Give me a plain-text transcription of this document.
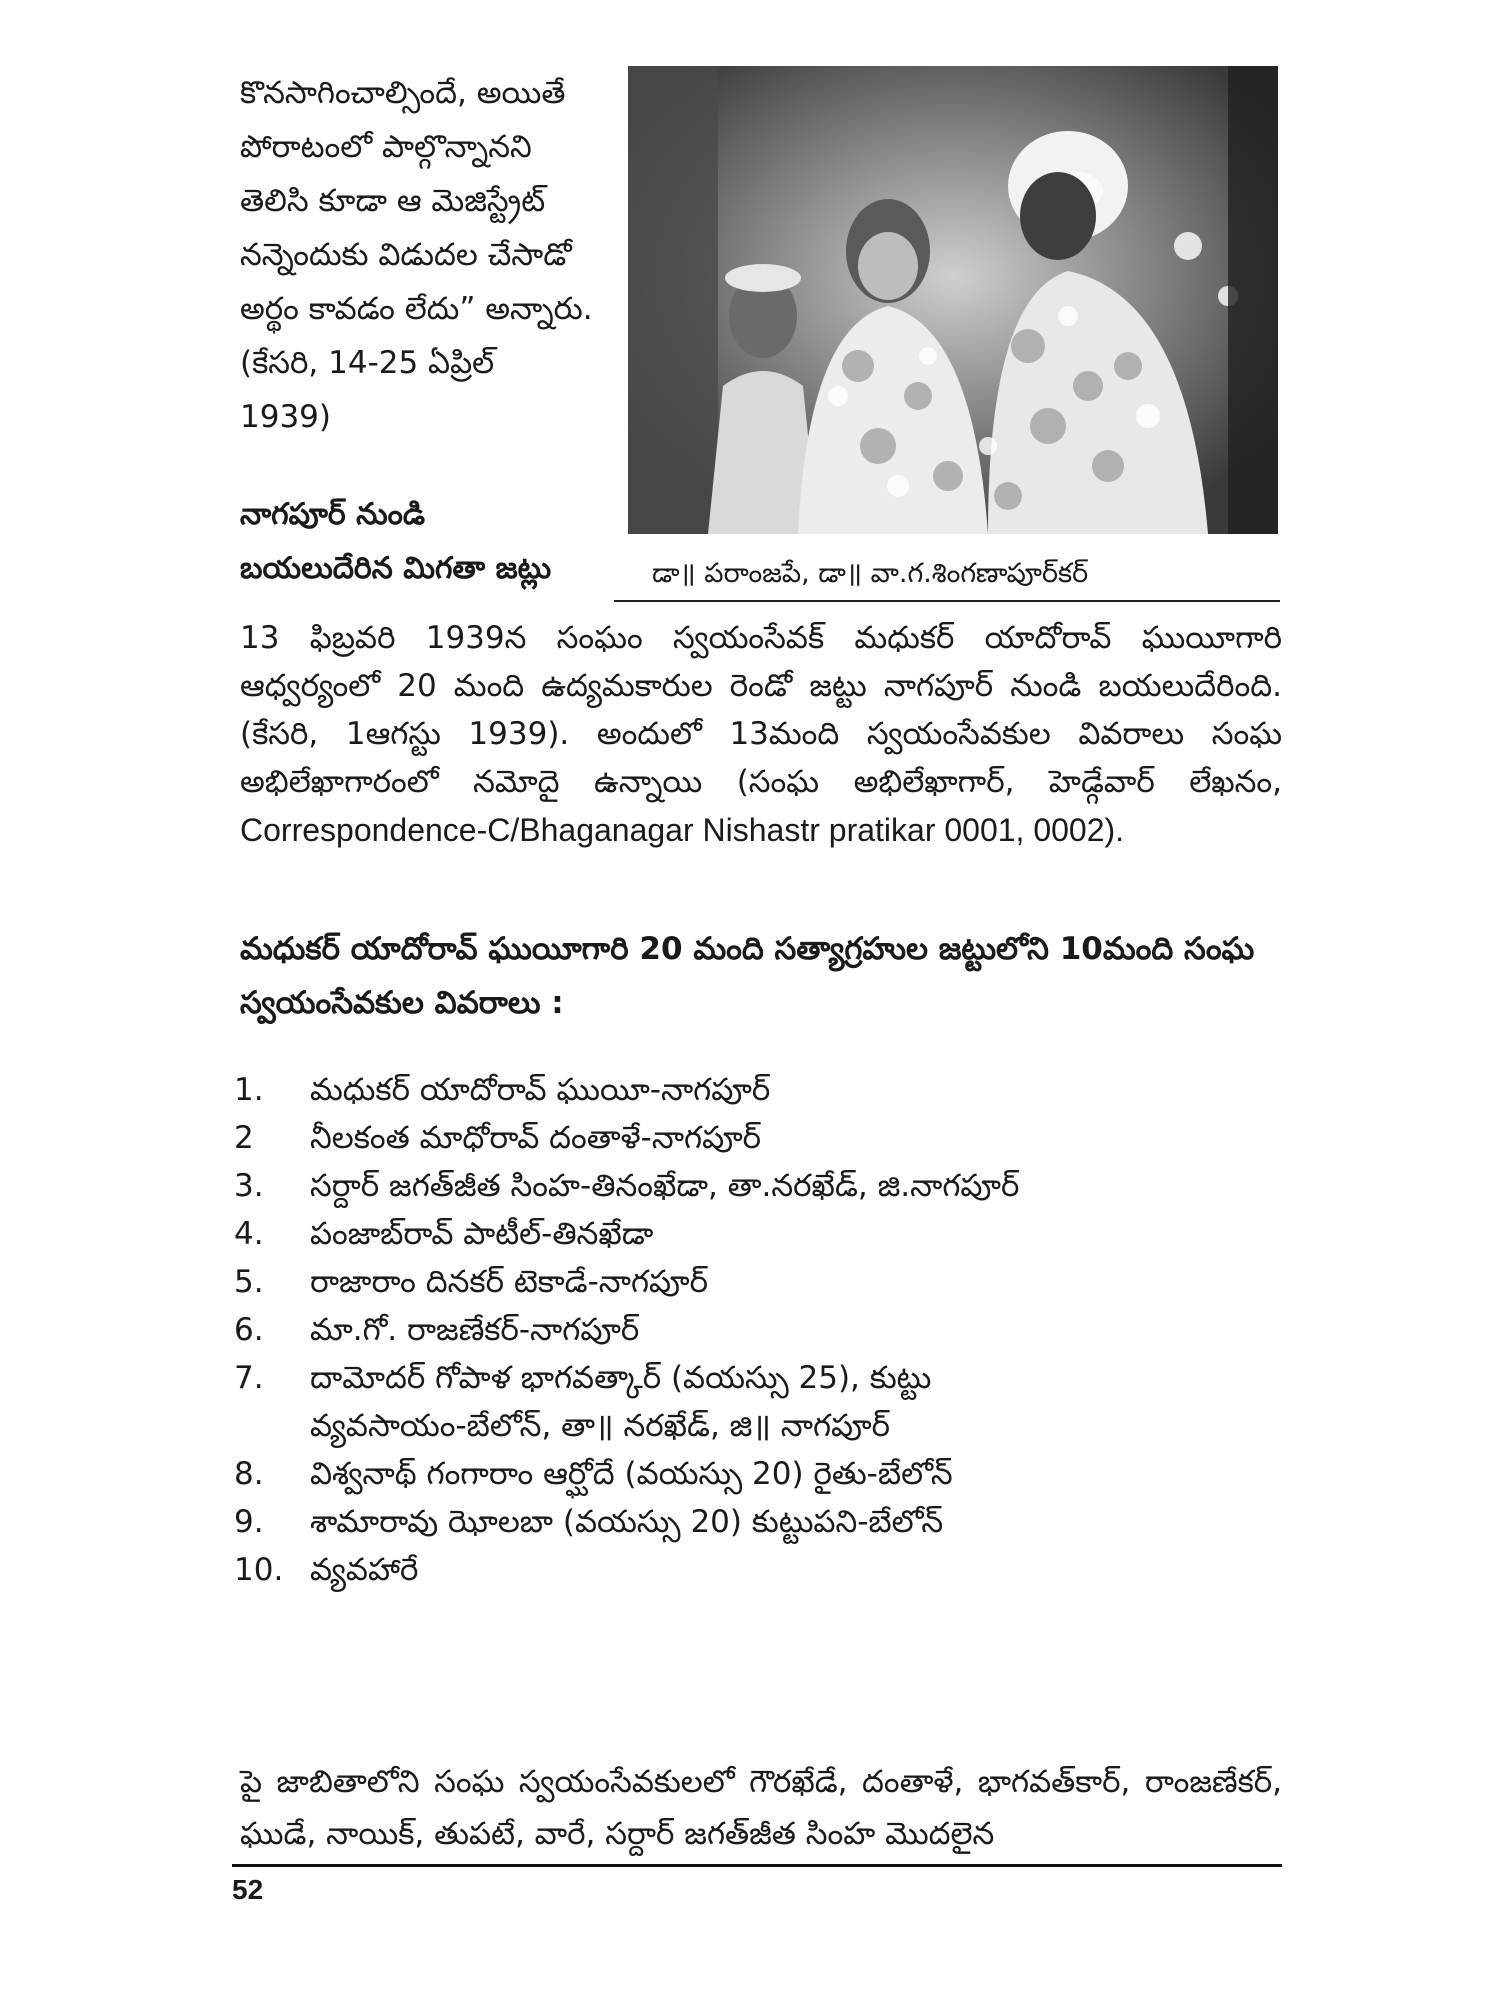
కొనసాగించాల్సిందే, అయితే

పోరాటంలో పాల్గొన్నానని

తెలిసి కూడా ఆ మెజిస్ట్రేట్

నన్నెందుకు విడుదల చేసాడో

అర్థం కావడం లేదు” అన్నారు.

(కేసరి, 14-25 ఏప్రిల్

1939)

నాగపూర్ నుండి

బయలుదేరిన మిగతా జట్లు	డా॥ పరాంజపే, డా॥ వా.గ.శింగణాపూర్‌కర్

13 ఫిబ్రవరి 1939న సంఘం స్వయంసేవక్ మధుకర్ యాదోరావ్ ఘుయీగారి ఆధ్వర్యంలో 20 మంది ఉద్యమకారుల రెండో జట్టు నాగపూర్ నుండి బయలుదేరింది. (కేసరి, 1ఆగస్టు 1939). అందులో 13మంది స్వయంసేవకుల వివరాలు సంఘ అభిలేఖాగారంలో నమోదై ఉన్నాయి (సంఘ అభిలేఖాగార్, హెడ్గేవార్ లేఖనం, Correspondence-C/Bhaganagar Nishastr pratikar 0001, 0002).

మధుకర్ యాదోరావ్ ఘుయీగారి 20 మంది సత్యాగ్రహుల జట్టులోని 10మంది సంఘ స్వయంసేవకుల వివరాలు :

1.	మధుకర్ యాదోరావ్ ఘుయీ-నాగపూర్
2	నీలకంత మాధోరావ్ దంతాళే-నాగపూర్
3.	సర్దార్ జగత్‌జీత సింహ-తినంఖేడా, తా.నరఖేడ్, జి.నాగపూర్
4.	పంజాబ్‌రావ్ పాటీల్-తినఖేడా
5.	రాజారాం దినకర్ టెకాడే-నాగపూర్
6.	మా.గో. రాజణేకర్-నాగపూర్
7.	దామోదర్ గోపాళ భాగవత్కార్ (వయస్సు 25), కుట్టు వ్యవసాయం-బేలోన్, తా॥ నరఖేడ్, జి॥ నాగపూర్
8.	విశ్వనాథ్ గంగారాం ఆర్ఘోదే (వయస్సు 20) రైతు-బేలోన్
9.	శామారావు ఝోలబా (వయస్సు 20) కుట్టుపని-బేలోన్
10. వ్యవహారే

పై జాబితాలోని సంఘ స్వయంసేవకులలో గౌరఖేడే, దంతాళే, భాగవత్‌కార్, రాంజణేకర్, ఘుడే, నాయిక్, తుపటే, వారే, సర్దార్ జగత్‌జీత సింహ మొదలైన

52
